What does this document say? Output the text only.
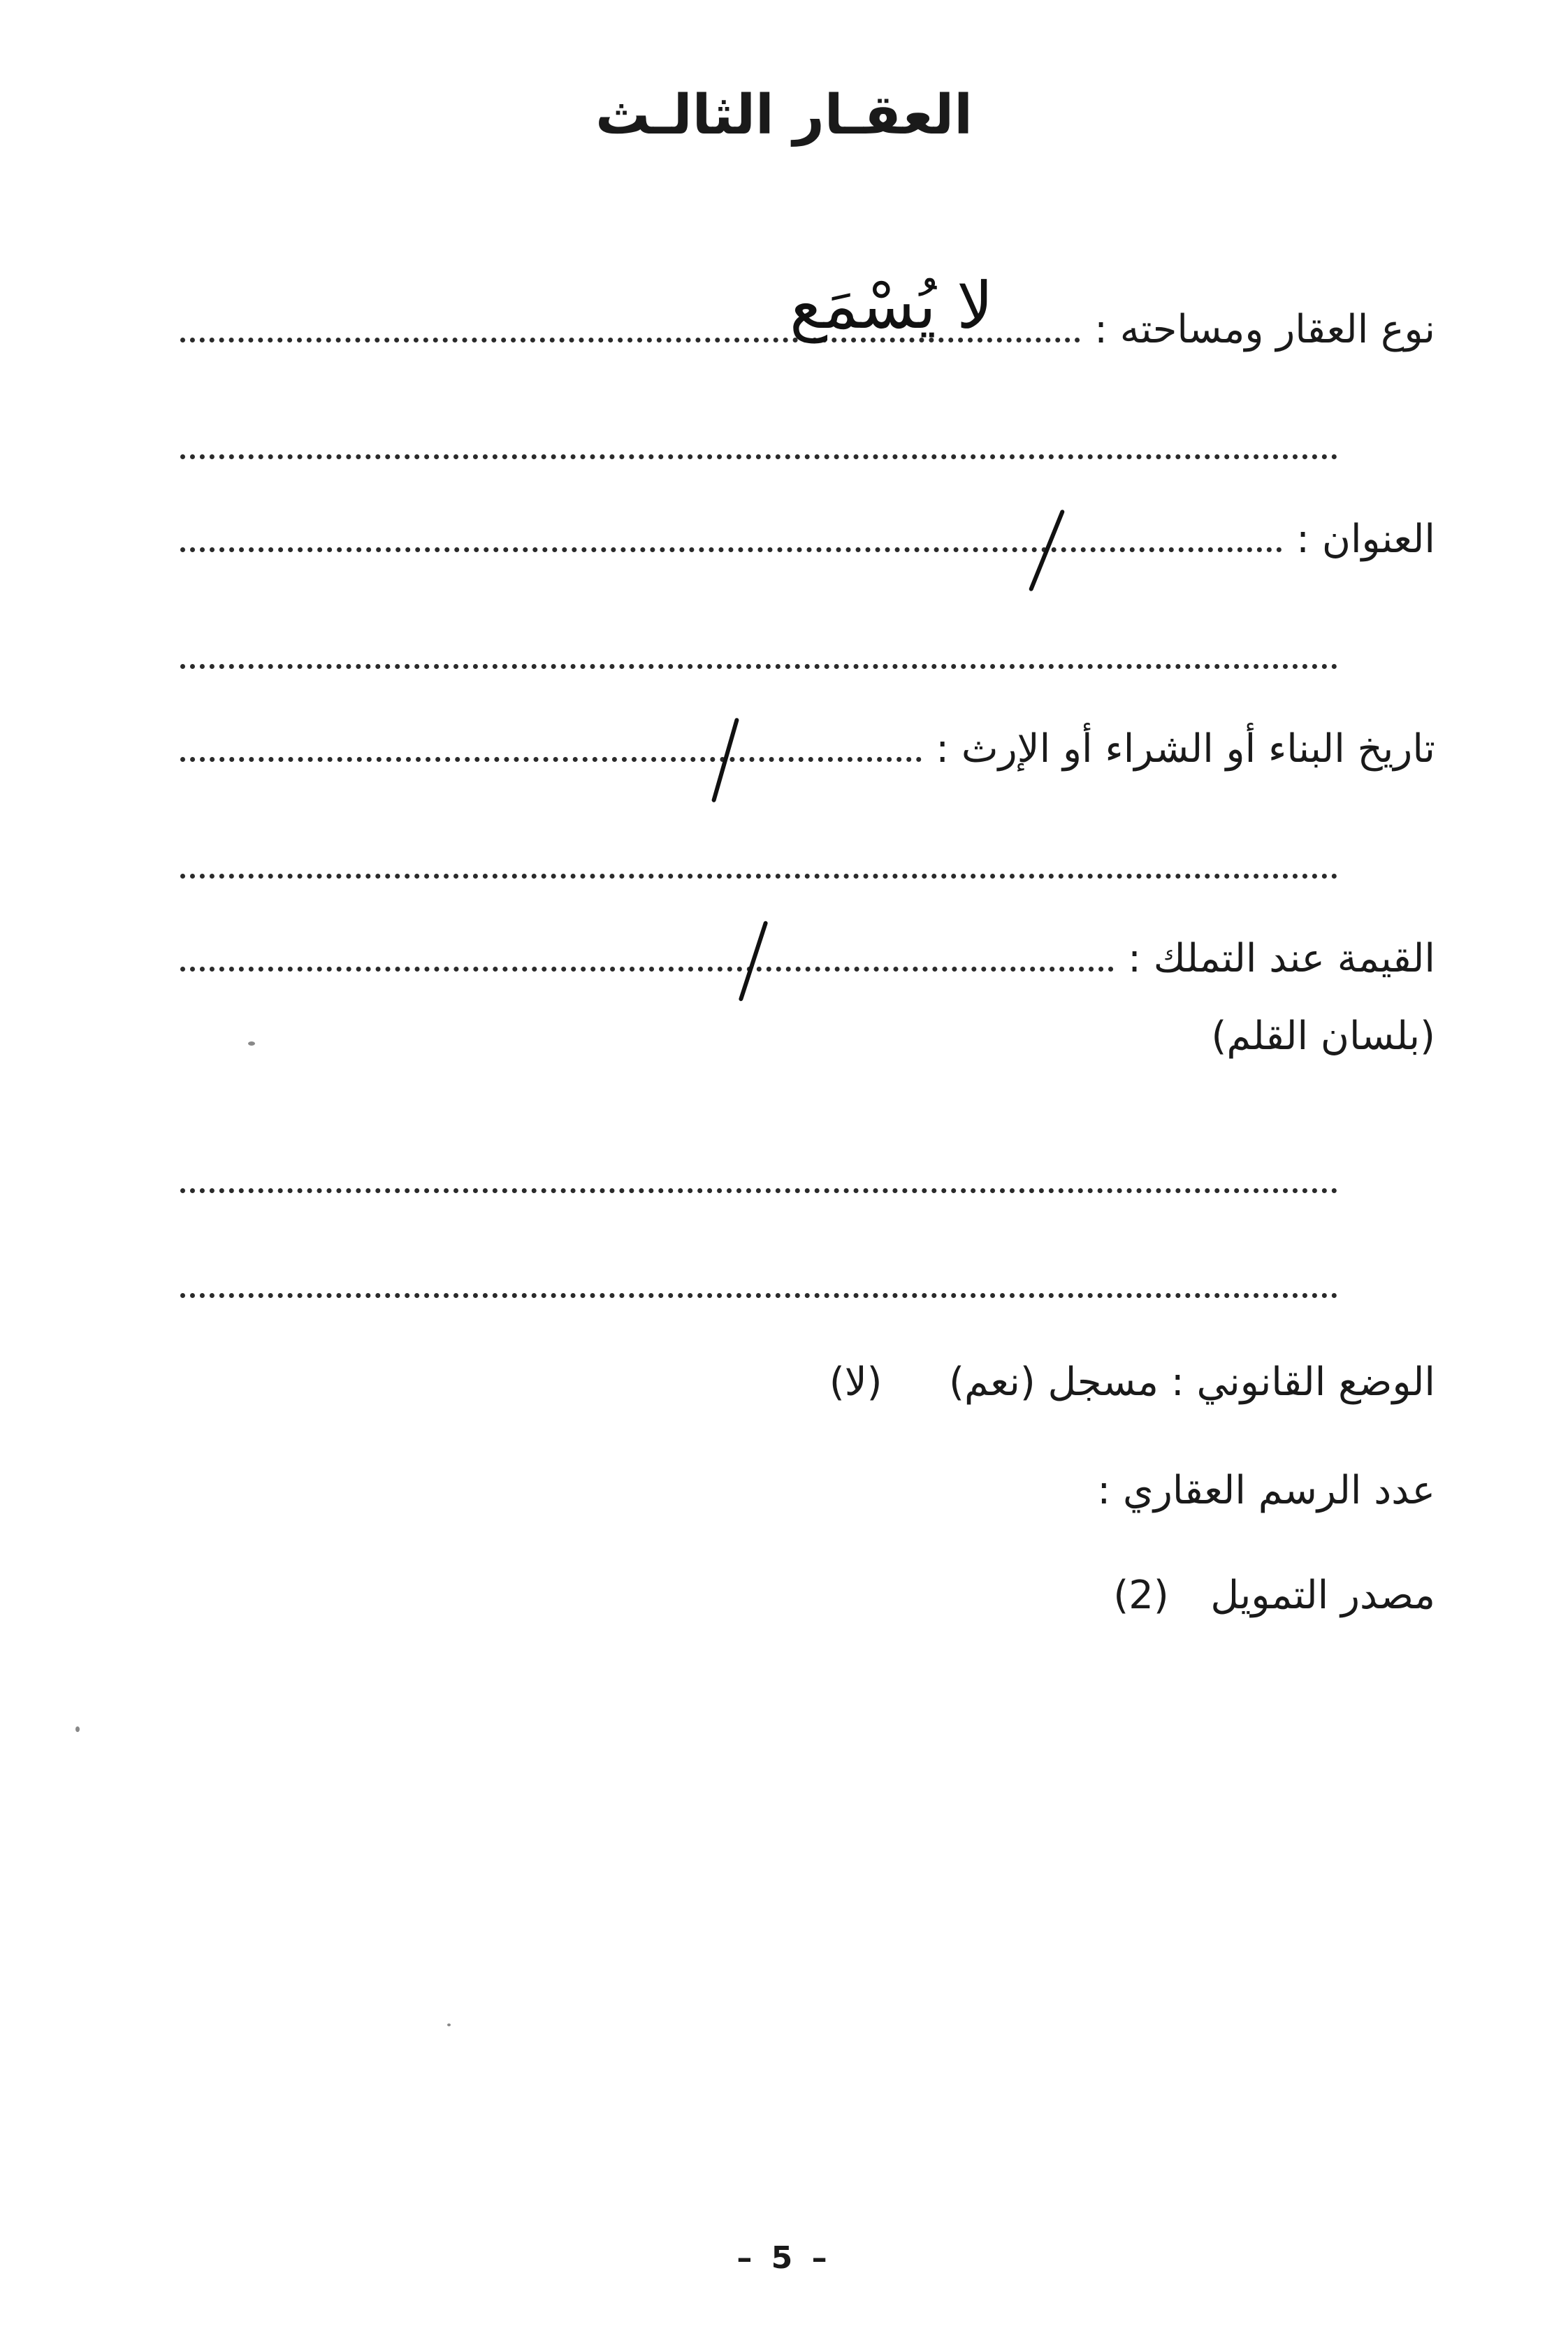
العقـار الثالـث
نوع العقار ومساحته :
لا يُسْمَع
العنوان :
تاريخ البناء أو الشراء أو الإرث :
القيمة عند التملك :
(بلسان القلم)
الوضع القانوني : مسجل (نعم)  (لا)
عدد الرسم العقاري :
مصدر التمويل  (2)
– 5 –
